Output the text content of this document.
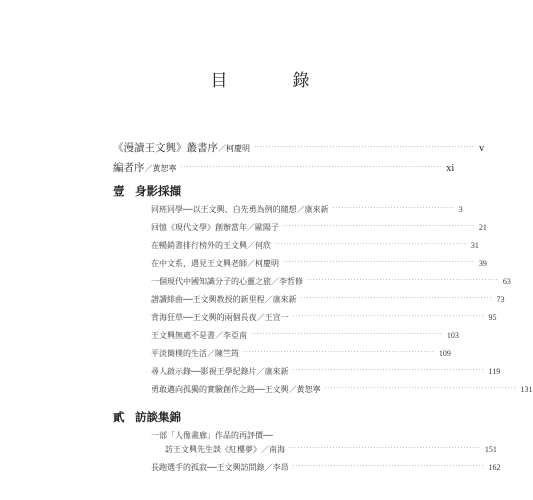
目　錄
《漫讀王文興》叢書序／柯慶明 ············································································ v
編者序／黃恕寧 ·························································································· xi
壹 身影採擷
同班同學──以王文興、白先勇為例的隨想／康來新 ·········································· 3
回憶《現代文學》創辦當年／歐陽子 ·································································· 21
在暢銷書排行榜外的王文興／何欣 ·································································· 31
在中文系，遇見王文興老師／柯慶明 ·································································· 39
一個現代中國知識分子的心靈之旅／李哲修 ·································································· 63
譜讀緋曲──王文興教授的新里程／康來新 ·································································· 73
背海狂草──王文興的兩個長夜／王宣一 ·································································· 95
王文興無處不是書／李亞南 ·································································· 103
平淡簡樸的生活／陳竺筠 ·································································· 109
尋人啟示錄──影視王學紀錄片／康來新 ·································································· 119
勇敢邁向孤獨的實驗創作之路──王文興／黃恕寧 ·································································· 131
貳 訪談集錦
一部「人像畫廊」作品的再評價──
訪王文興先生談《紅樓夢》／南海 ·································································· 151
長跑選手的孤寂──王文興訪問錄／李昂 ·································································· 162
